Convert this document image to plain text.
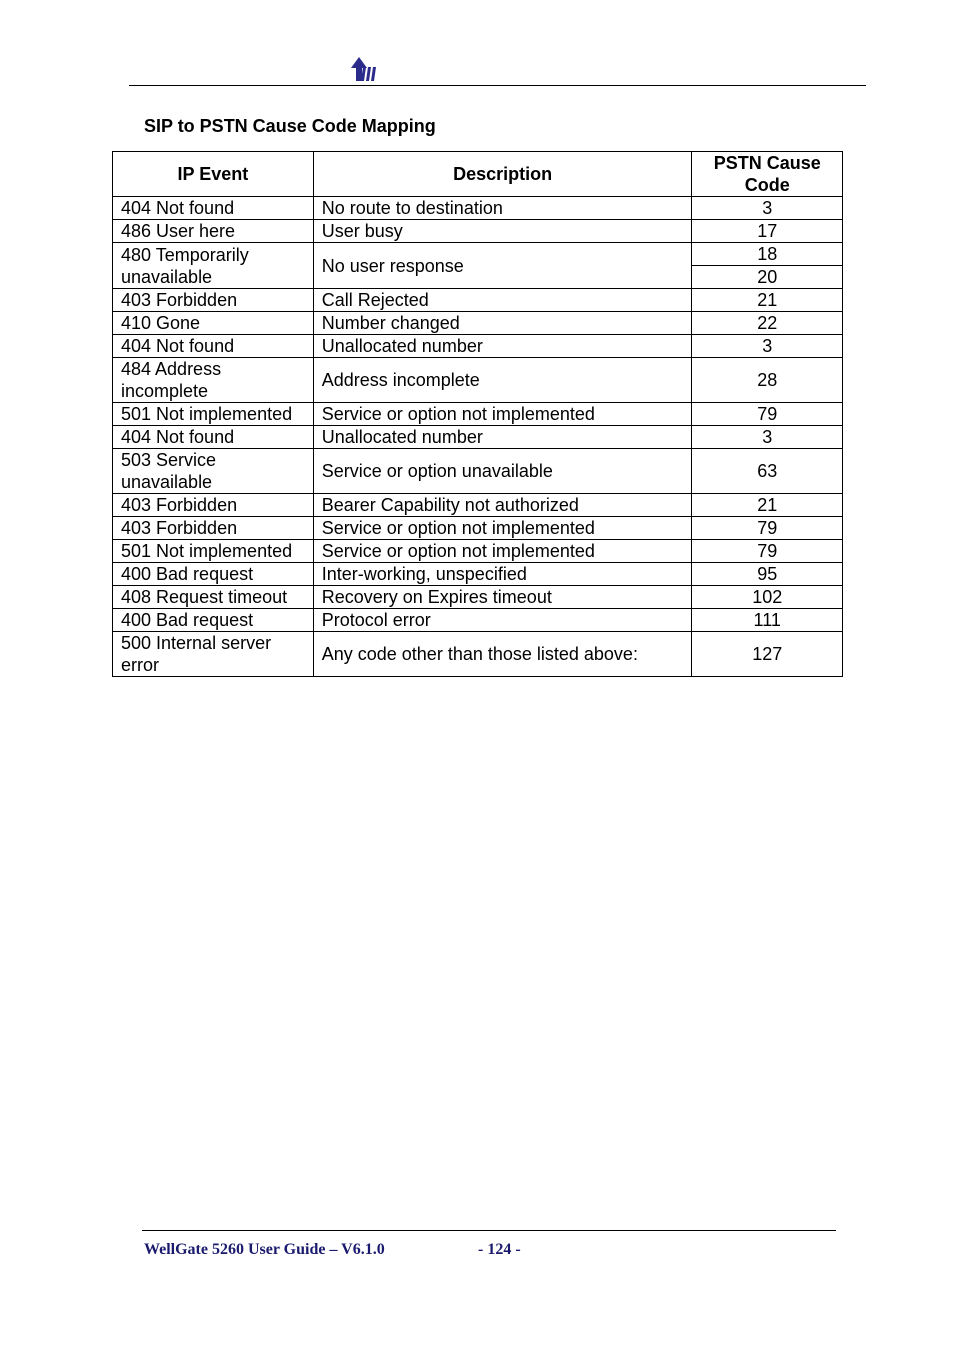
SIP to PSTN Cause Code Mapping
IP Event	Description	PSTN Cause Code
404 Not found	No route to destination	3
486 User here	User busy	17
480 Temporarily unavailable	No user response	18
		20
403 Forbidden	Call Rejected	21
410 Gone	Number changed	22
404 Not found	Unallocated number	3
484 Address incomplete	Address incomplete	28
501 Not implemented	Service or option not implemented	79
404 Not found	Unallocated number	3
503 Service unavailable	Service or option unavailable	63
403 Forbidden	Bearer Capability not authorized	21
403 Forbidden	Service or option not implemented	79
501 Not implemented	Service or option not implemented	79
400 Bad request	Inter-working, unspecified	95
408 Request timeout	Recovery on Expires timeout	102
400 Bad request	Protocol error	111
500 Internal server error	Any code other than those listed above:	127
WellGate 5260 User Guide – V6.1.0	- 124 -
